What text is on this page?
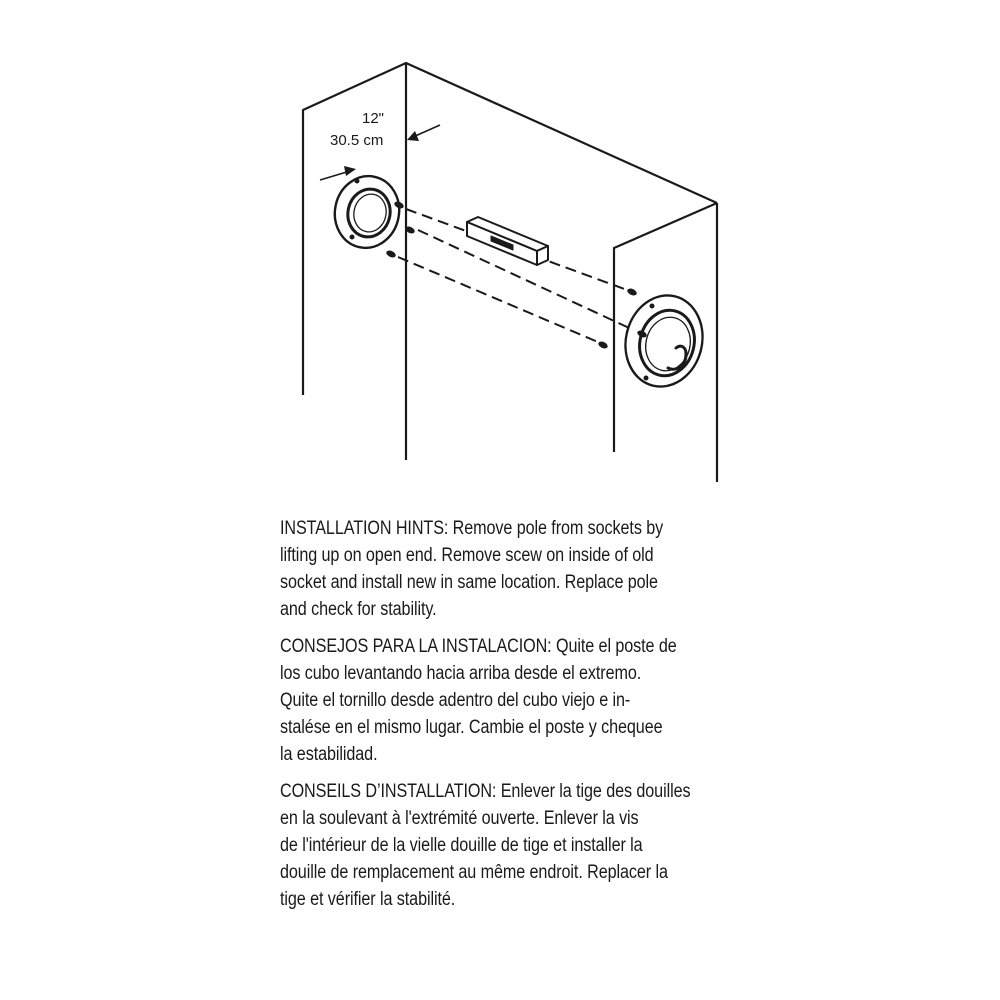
12"
30.5 cm
INSTALLATION HINTS: Remove pole from sockets by
lifting up on open end. Remove scew on inside of old
socket and install new in same location. Replace pole
and check for stability.
CONSEJOS PARA LA INSTALACION: Quite el poste de
los cubo levantando hacia arriba desde el extremo.
Quite el tornillo desde adentro del cubo viejo e in-
stalése en el mismo lugar. Cambie el poste y chequee
la estabilidad.
CONSEILS D’INSTALLATION: Enlever la tige des douilles
en la soulevant à l'extrémité ouverte. Enlever la vis
de l'intérieur de la vielle douille de tige et installer la
douille de remplacement au même endroit. Replacer la
tige et vérifier la stabilité.
